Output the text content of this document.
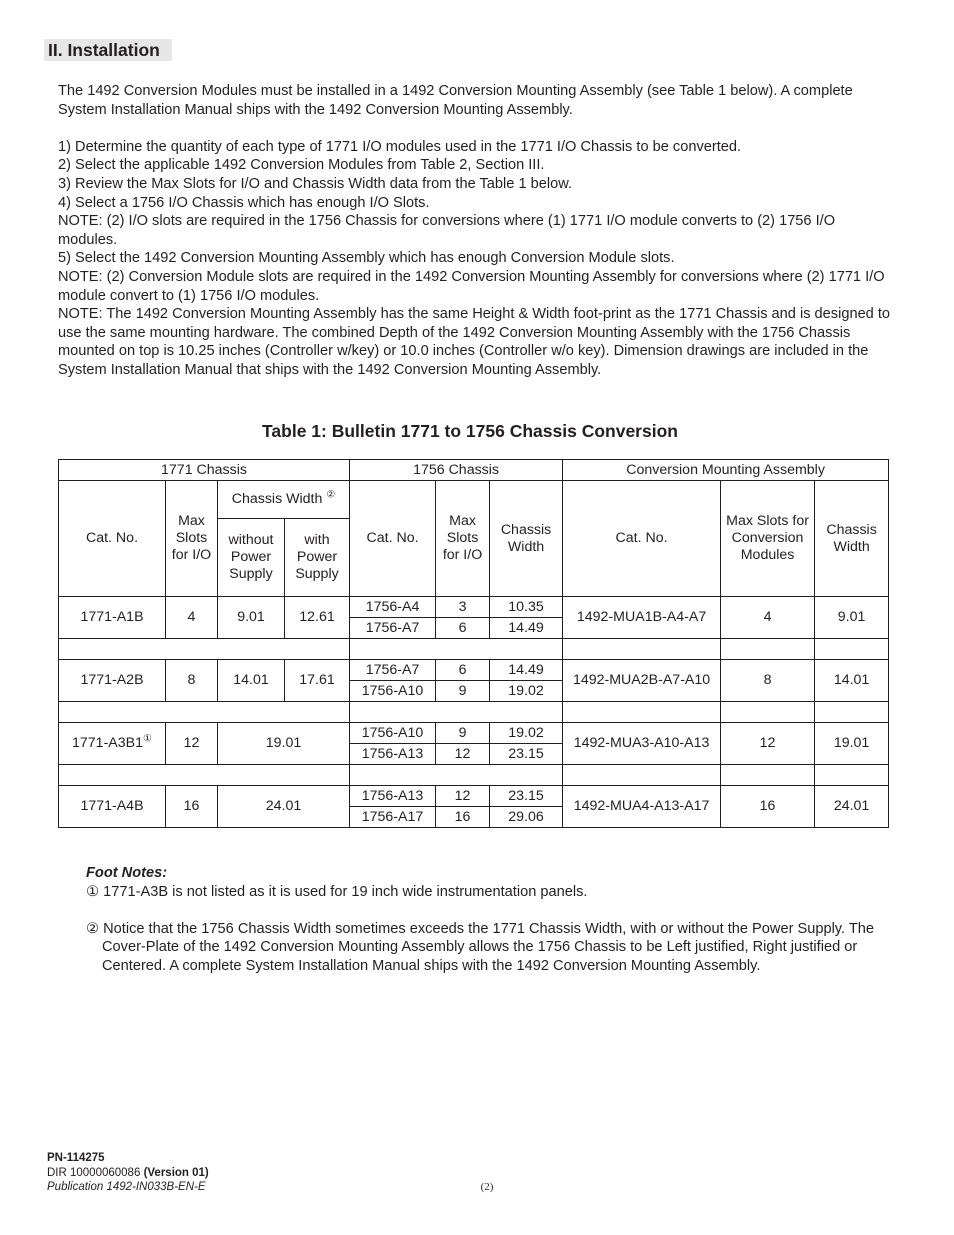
II. Installation

The 1492 Conversion Modules must be installed in a 1492 Conversion Mounting Assembly (see Table 1 below). A complete System Installation Manual ships with the 1492 Conversion Mounting Assembly.

1) Determine the quantity of each type of 1771 I/O modules used in the 1771 I/O Chassis to be converted.

2) Select the applicable 1492 Conversion Modules from Table 2, Section III.

3) Review the Max Slots for I/O and Chassis Width data from the Table 1 below.

4) Select a 1756 I/O Chassis which has enough I/O Slots.

NOTE: (2) I/O slots are required in the 1756 Chassis for conversions where (1) 1771 I/O module converts to (2) 1756 I/O modules.

5) Select the 1492 Conversion Mounting Assembly which has enough Conversion Module slots.

NOTE: (2) Conversion Module slots are required in the 1492 Conversion Mounting Assembly for conversions where (2) 1771 I/O module convert to (1) 1756 I/O modules.

NOTE: The 1492 Conversion Mounting Assembly has the same Height & Width foot-print as the 1771 Chassis and is designed to use the same mounting hardware. The combined Depth of the 1492 Conversion Mounting Assembly with the 1756 Chassis mounted on top is 10.25 inches (Controller w/key) or 10.0 inches (Controller w/o key). Dimension drawings are included in the System Installation Manual that ships with the 1492 Conversion Mounting Assembly.

Table 1: Bulletin 1771 to 1756 Chassis Conversion
1771 Chassis				1756 Chassis			Conversion Mounting Assembly		
Cat. No.	Max Slots for I/O	Chassis Width ②		Cat. No.	Max Slots for I/O	Chassis Width	Cat. No.	Max Slots for Conversion Modules	Chassis Width
		without Power Supply	with Power Supply						
1771-A1B	4	9.01	12.61	1756-A4	3	10.35	1492-MUA1B-A4-A7	4	9.01
				1756-A7	6	14.49			

1771-A2B	8	14.01	17.61	1756-A7	6	14.49	1492-MUA2B-A7-A10	8	14.01
				1756-A10	9	19.02			

1771-A3B1①	12	19.01		1756-A10	9	19.02	1492-MUA3-A10-A13	12	19.01
				1756-A13	12	23.15			

1771-A4B	16	24.01		1756-A13	12	23.15	1492-MUA4-A13-A17	16	24.01
				1756-A17	16	29.06			

Foot Notes:

① 1771-A3B is not listed as it is used for 19 inch wide instrumentation panels.

② Notice that the 1756 Chassis Width sometimes exceeds the 1771 Chassis Width, with or without the Power Supply. The Cover-Plate of the 1492 Conversion Mounting Assembly allows the 1756 Chassis to be Left justified, Right justified or Centered. A complete System Installation Manual ships with the 1492 Conversion Mounting Assembly.

PN-114275

DIR 10000060086 (Version 01)

Publication 1492-IN033B-EN-E	(2)
